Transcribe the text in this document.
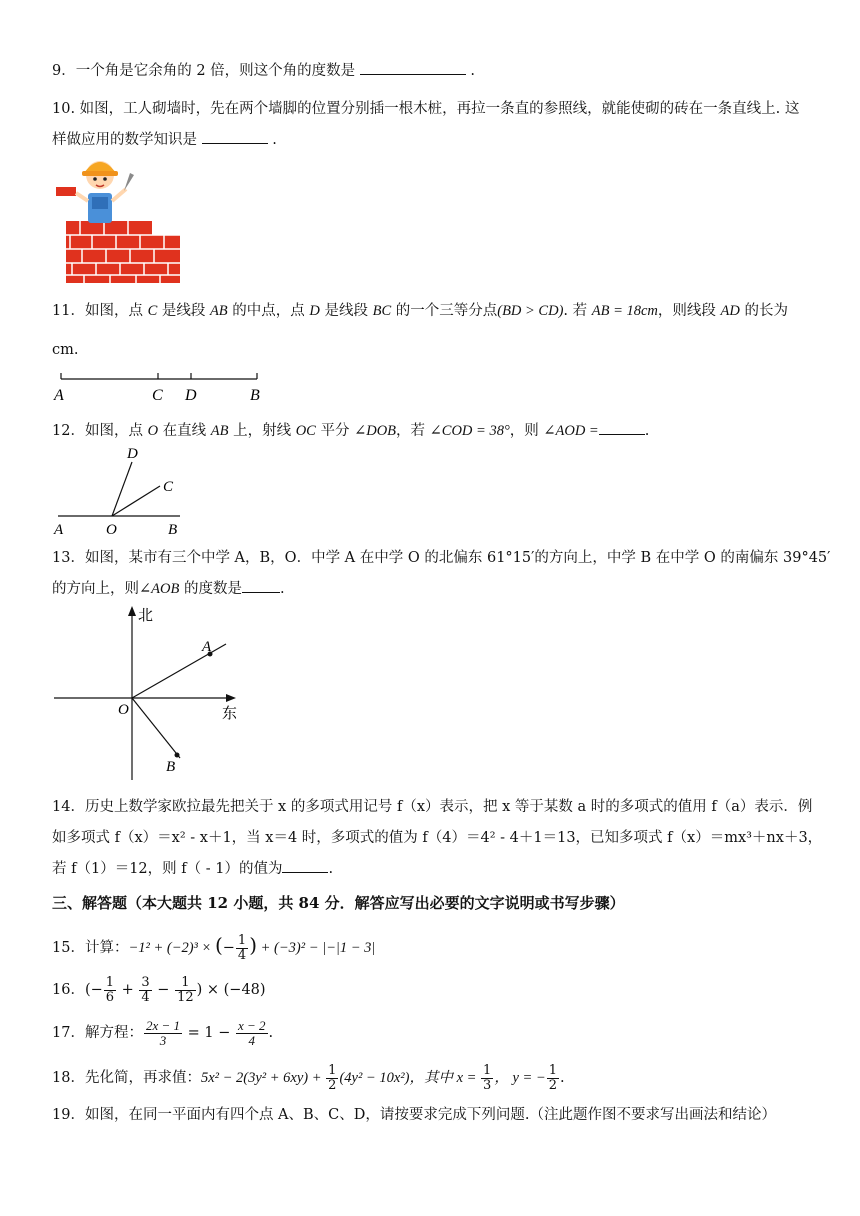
9．一个角是它余角的 2 倍，则这个角的度数是	.
10. 如图，工人砌墙时，先在两个墙脚的位置分别插一根木桩，再拉一条直的参照线，就能使砌的砖在一条直线上. 这
样做应用的数学知识是	.
11．如图，点 C 是线段 AB 的中点，点 D 是线段 BC 的一个三等分点(BD > CD). 若 AB = 18cm，则线段 AD 的长为
cm.
A	C D	B
12．如图，点 O 在直线 AB 上，射线 OC 平分 ∠DOB，若 ∠COD = 38°，则 ∠AOD =	.
D
C
A	O	B
13．如图，某市有三个中学 A，B，O．中学 A 在中学 O 的北偏东 61°15′的方向上，中学 B 在中学 O 的南偏东 39°45′
的方向上，则∠AOB 的度数是	.
北
东
O
A
B
14．历史上数学家欧拉最先把关于 x 的多项式用记号 f（x）表示，把 x 等于某数 a 时的多项式的值用 f（a）表示．例
如多项式 f（x）＝x² - x＋1，当 x＝4 时，多项式的值为 f（4）＝4² - 4＋1＝13，已知多项式 f（x）＝mx³＋nx＋3，
若 f（1）＝12，则 f（ - 1）的值为	.
三、解答题（本大题共 12 小题，共 84 分．解答应写出必要的文字说明或书写步骤）
15．计算：−1² + (−2)³ × (− $\frac{1}{4}$ ) + (−3)² − |−|1 − 3|
16．(− $\frac{1}{6} + \frac{3}{4} - \frac{1}{12}$ ) × (−48)
17．解方程： $\frac{2x - 1}{3} = 1 - \frac{x - 2}{4}$ .
18．先化简，再求值：$5x^2 - 2(3y^2 + 6xy) + \frac{1}{2} (4y^2 - 10x^2)$，其中 $x = \frac{1}{3}$ ， y = − $\frac{1}{2}$ .
19．如图，在同一平面内有四个点 A、B、C、D，请按要求完成下列问题.（注此题作图不要求写出画法和结论）
